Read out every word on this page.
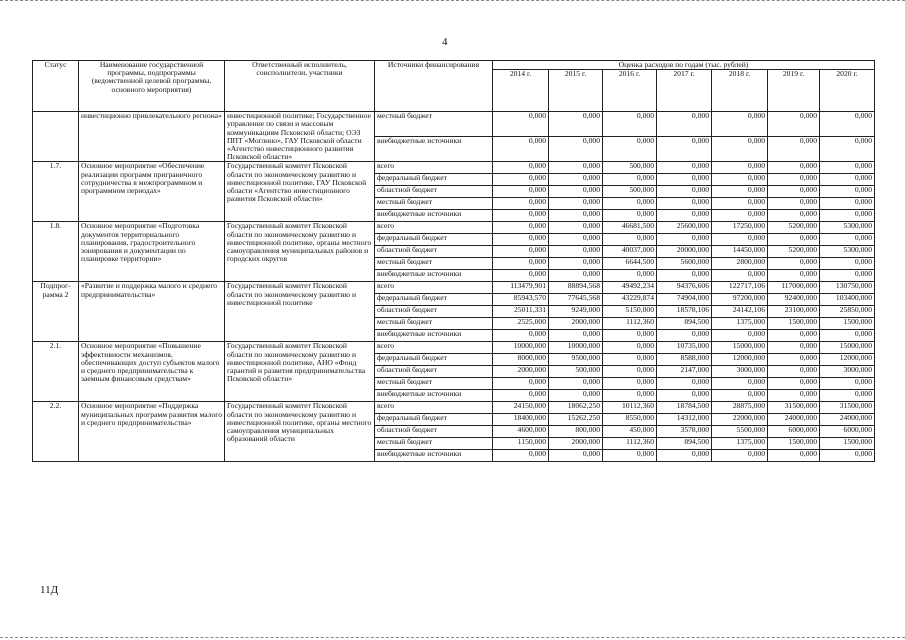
4
Статус	Наименование государственной программы, подпрограммы (ведомственной целевой программы, основного мероприятия)	Ответственный исполнитель, соисполнители, участники	Источники финансирования	Оценка расходов по годам (тыс. рублей)						
				2014 г.	2015 г.	2016 г.	2017 г.	2018 г.	2019 г.	2020 г.
	инвестиционно привлекательного региона»	инвестиционной политике; Государственное управление по связи и массовым коммуникациям Псковской области; ОЭЗ ППТ «Моглино», ГАУ Псковской области «Агентство инвестиционного развития Псковской области»	местный бюджет	0,000	0,000	0,000	0,000	0,000	0,000	0,000
			внебюджетные источники	0,000	0,000	0,000	0,000	0,000	0,000	0,000
1.7.	Основное мероприятие «Обеспечение реализации программ приграничного сотрудничества в межпрограммном и программном периодах»	Государственный комитет Псковской области по экономическому развитию и инвестиционной политике, ГАУ Псковской области «Агентство инвестиционного развития Псковской области»	всего	0,000	0,000	500,000	0,000	0,000	0,000	0,000
			федеральный бюджет	0,000	0,000	0,000	0,000	0,000	0,000	0,000
			областной бюджет	0,000	0,000	500,000	0,000	0,000	0,000	0,000
			местный бюджет	0,000	0,000	0,000	0,000	0,000	0,000	0,000
			внебюджетные источники	0,000	0,000	0,000	0,000	0,000	0,000	0,000
1.8.	Основное мероприятие «Подготовка документов территориального планирования, градостроительного зонирования и документации по планировке территории»	Государственный комитет Псковской области по экономическому развитию и инвестиционной политике, органы местного самоуправления муниципальных районов и городских округов	всего	0,000	0,000	46681,500	25600,000	17250,000	5200,000	5300,000
			федеральный бюджет	0,000	0,000	0,000	0,000	0,000	0,000	0,000
			областной бюджет	0,000	0,000	40037,000	20000,000	14450,000	5200,000	5300,000
			местный бюджет	0,000	0,000	6644,500	5600,000	2800,000	0,000	0,000
			внебюджетные источники	0,000	0,000	0,000	0,000	0,000	0,000	0,000
Подпрог-рамма 2	«Развитие и поддержка малого и среднего предпринимательства»	Государственный комитет Псковской области по экономическому развитию и инвестиционной политике	всего	113479,901	88894,568	49492,234	94376,606	122717,106	117000,000	130750,000
			федеральный бюджет	85943,570	77645,568	43229,874	74904,000	97200,000	92400,000	103400,000
			областной бюджет	25011,331	9249,000	5150,000	18578,106	24142,106	23100,000	25850,000
			местный бюджет	2525,000	2000,000	1112,360	894,500	1375,000	1500,000	1500,000
			внебюджетные источники	0,000	0,000	0,000	0,000	0,000	0,000	0,000
2.1.	Основное мероприятие «Повышение эффективности механизмов, обеспечивающих доступ субъектов малого и среднего предпринимательства к заемным финансовым средствам»	Государственный комитет Псковской области по экономическому развитию и инвестиционной политике, АНО «Фонд гарантий и развития предпринимательства Псковской области»	всего	10000,000	10000,000	0,000	10735,000	15000,000	0,000	15000,000
			федеральный бюджет	8000,000	9500,000	0,000	8588,000	12000,000	0,000	12000,000
			областной бюджет	2000,000	500,000	0,000	2147,000	3000,000	0,000	3000,000
			местный бюджет	0,000	0,000	0,000	0,000	0,000	0,000	0,000
			внебюджетные источники	0,000	0,000	0,000	0,000	0,000	0,000	0,000
2.2.	Основное мероприятие «Поддержка муниципальных программ развития малого и среднего предпринимательства»	Государственный комитет Псковской области по экономическому развитию и инвестиционной политике, органы местного самоуправления муниципальных образований области	всего	24150,000	18062,250	10112,360	18784,500	28875,000	31500,000	31500,000
			федеральный бюджет	18400,000	15262,250	8550,000	14312,000	22000,000	24000,000	24000,000
			областной бюджет	4600,000	800,000	450,000	3578,000	5500,000	6000,000	6000,000
			местный бюджет	1150,000	2000,000	1112,360	894,500	1375,000	1500,000	1500,000
			внебюджетные источники	0,000	0,000	0,000	0,000	0,000	0,000	0,000
11Д
